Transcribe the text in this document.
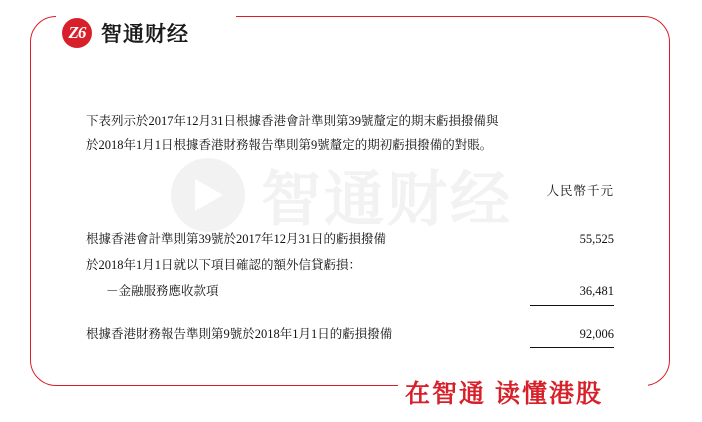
Z6 智通财经
智通财经

下表列示於2017年12月31日根據香港會計準則第39號釐定的期末虧損撥備與
於2018年1月1日根據香港財務報告準則第9號釐定的期初虧損撥備的對賬。

人民幣千元
根據香港會計準則第39號於2017年12月31日的虧損撥備	55,525
於2018年1月1日就以下項目確認的額外信貸虧損：	
－金融服務應收款項	36,481

根據香港財務報告準則第9號於2018年1月1日的虧損撥備	92,006

在智通 读懂港股
